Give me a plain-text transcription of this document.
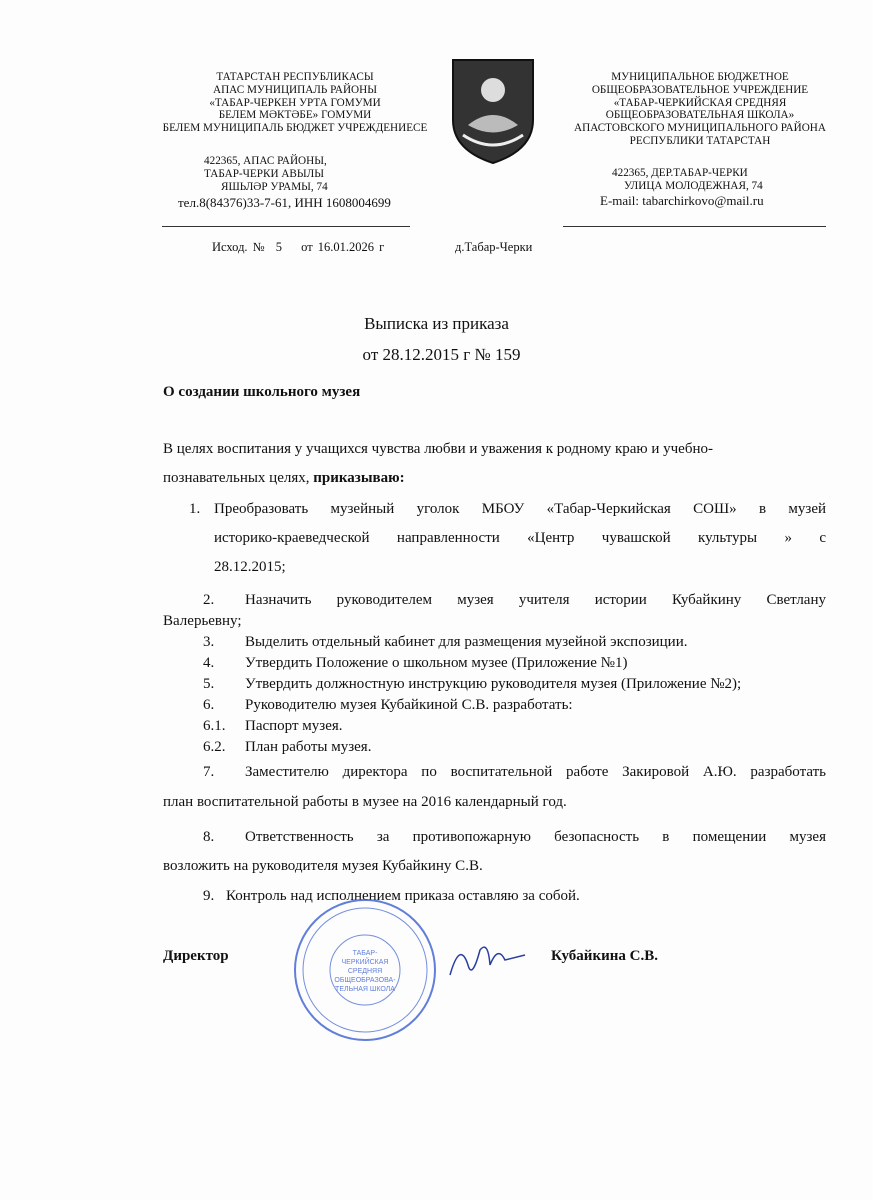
ТАТАРСТАН РЕСПУБЛИКАСЫ
АПАС МУНИЦИПАЛЬ РАЙОНЫ
«ТАБАР-ЧЕРКЕН УРТА ГОМУМИ
БЕЛЕМ МӘКТӘБЕ» ГОМУМИ
БЕЛЕМ МУНИЦИПАЛЬ БЮДЖЕТ УЧРЕЖДЕНИЕСЕ
422365, АПАС РАЙОНЫ,
ТАБАР-ЧЕРКИ АВЫЛЫ
ЯШЬЛӘР УРАМЫ, 74
тел.8(84376)33-7-61, ИНН 1608004699
МУНИЦИПАЛЬНОЕ БЮДЖЕТНОЕ
ОБЩЕОБРАЗОВАТЕЛЬНОЕ УЧРЕЖДЕНИЕ
«ТАБАР-ЧЕРКИЙСКАЯ СРЕДНЯЯ
ОБЩЕОБРАЗОВАТЕЛЬНАЯ ШКОЛА»
АПАСТОВСКОГО МУНИЦИПАЛЬНОГО РАЙОНА
РЕСПУБЛИКИ ТАТАРСТАН
422365, ДЕР.ТАБАР-ЧЕРКИ
УЛИЦА МОЛОДЕЖНАЯ, 74
E-mail: tabarchirkovo@mail.ru
Исход. № 5 от 16.01.2026 г	д.Табар-Черки
Выписка из приказа
от 28.12.2015 г № 159
О создании школьного музея
В целях воспитания у учащихся чувства любви и уважения к родному краю и учебно-
познавательных целях, приказываю:
1. Преобразовать музейный уголок МБОУ «Табар-Черкийская СОШ» в музей
историко-краеведческой направленности «Центр чувашской культуры » с
28.12.2015;
2. Назначить руководителем музея учителя истории Кубайкину Светлану
Валерьевну;
3. Выделить отдельный кабинет для размещения музейной экспозиции.
4. Утвердить Положение о школьном музее (Приложение №1)
5. Утвердить должностную инструкцию руководителя музея (Приложение №2);
6. Руководителю музея Кубайкиной С.В. разработать:
6.1. Паспорт музея.
6.2. План работы музея.
7. Заместителю директора по воспитательной работе Закировой А.Ю. разработать
план воспитательной работы в музее на 2016 календарный год.
8. Ответственность за противопожарную безопасность в помещении музея
возложить на руководителя музея Кубайкину С.В.
9. Контроль над исполнением приказа оставляю за собой.
ТАБАР-
ЧЕРКИЙСКАЯ
СРЕДНЯЯ
ОБЩЕОБРАЗОВА-
ТЕЛЬНАЯ ШКОЛА
Директор	Кубайкина С.В.
